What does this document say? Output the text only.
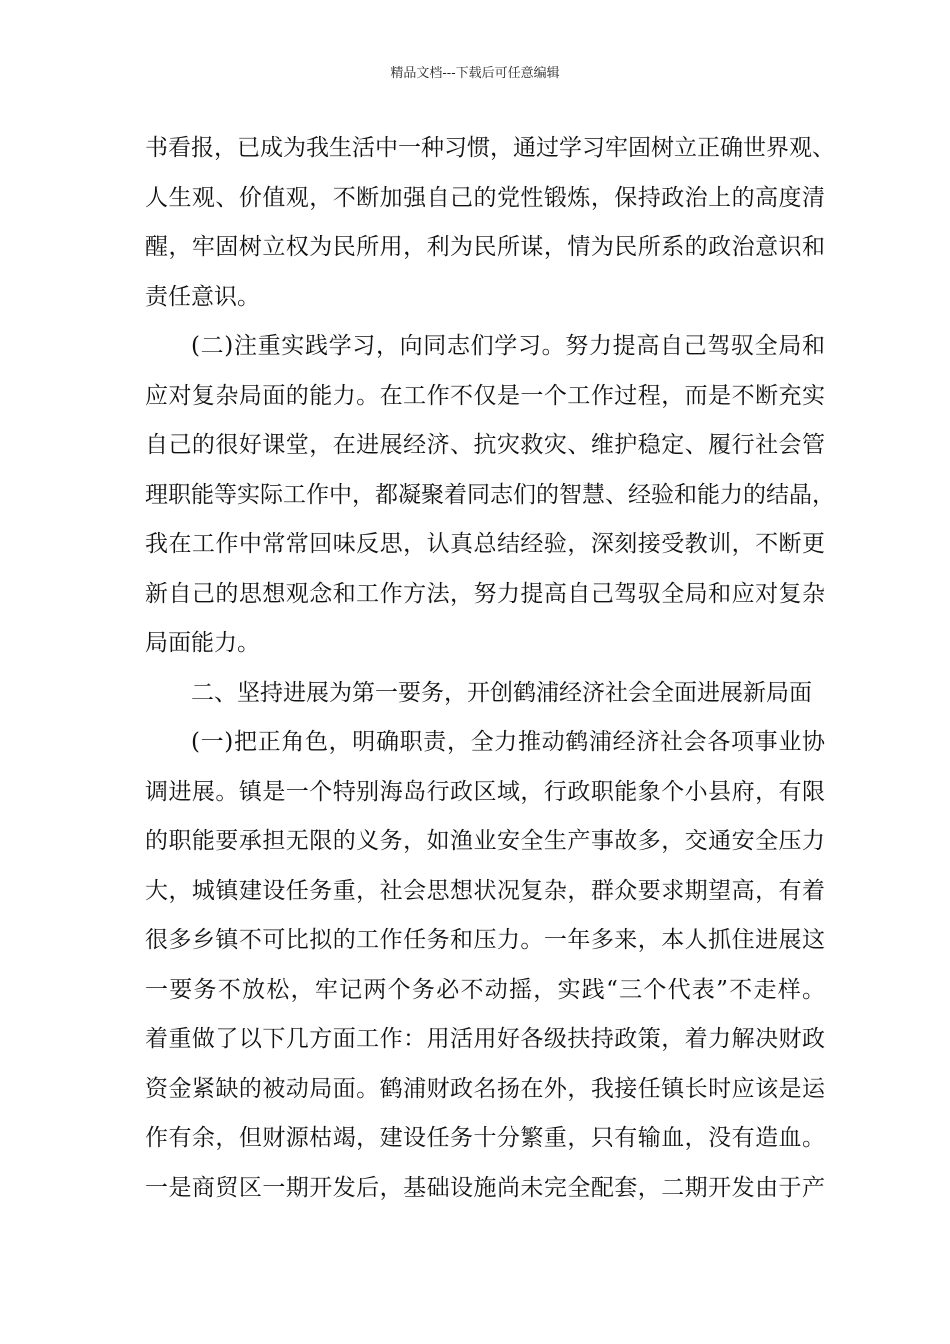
精品文档---下载后可任意编辑
书看报，已成为我生活中一种习惯，通过学习牢固树立正确世界观、
人生观、价值观，不断加强自己的党性锻炼，保持政治上的高度清
醒，牢固树立权为民所用，利为民所谋，情为民所系的政治意识和
责任意识。
(二)注重实践学习，向同志们学习。努力提高自己驾驭全局和
应对复杂局面的能力。在工作不仅是一个工作过程，而是不断充实
自己的很好课堂，在进展经济、抗灾救灾、维护稳定、履行社会管
理职能等实际工作中，都凝聚着同志们的智慧、经验和能力的结晶，
我在工作中常常回味反思，认真总结经验，深刻接受教训，不断更
新自己的思想观念和工作方法，努力提高自己驾驭全局和应对复杂
局面能力。
二、坚持进展为第一要务，开创鹤浦经济社会全面进展新局面
(一)把正角色，明确职责，全力推动鹤浦经济社会各项事业协
调进展。镇是一个特别海岛行政区域，行政职能象个小县府，有限
的职能要承担无限的义务，如渔业安全生产事故多，交通安全压力
大，城镇建设任务重，社会思想状况复杂，群众要求期望高，有着
很多乡镇不可比拟的工作任务和压力。一年多来，本人抓住进展这
一要务不放松，牢记两个务必不动摇，实践“三个代表”不走样。
着重做了以下几方面工作：用活用好各级扶持政策，着力解决财政
资金紧缺的被动局面。鹤浦财政名扬在外，我接任镇长时应该是运
作有余，但财源枯竭，建设任务十分繁重，只有输血，没有造血。
一是商贸区一期开发后，基础设施尚未完全配套，二期开发由于产
